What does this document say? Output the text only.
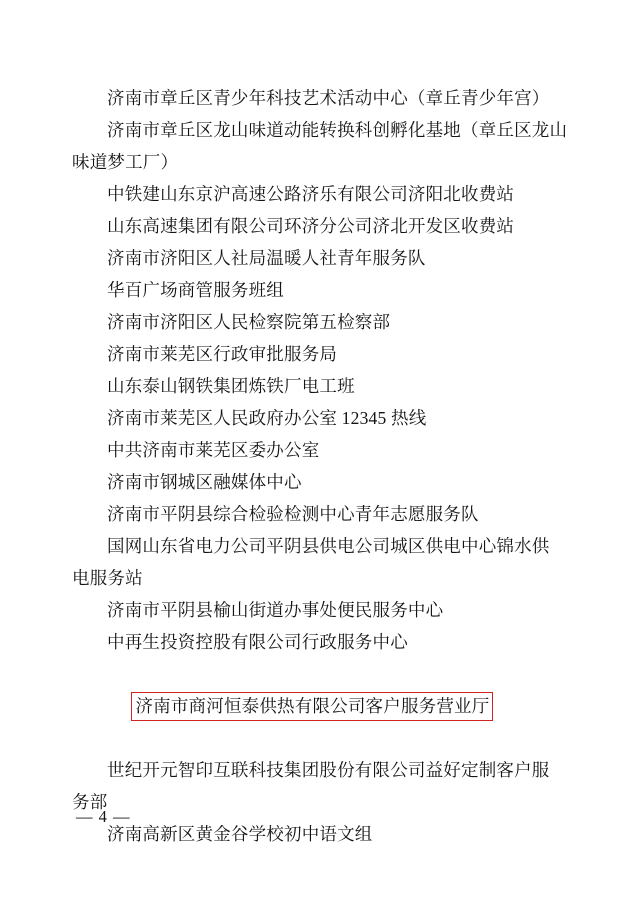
济南市章丘区青少年科技艺术活动中心（章丘青少年宫）
济南市章丘区龙山味道动能转换科创孵化基地（章丘区龙山
味道梦工厂）
中铁建山东京沪高速公路济乐有限公司济阳北收费站
山东高速集团有限公司环济分公司济北开发区收费站
济南市济阳区人社局温暖人社青年服务队
华百广场商管服务班组
济南市济阳区人民检察院第五检察部
济南市莱芜区行政审批服务局
山东泰山钢铁集团炼铁厂电工班
济南市莱芜区人民政府办公室 12345 热线
中共济南市莱芜区委办公室
济南市钢城区融媒体中心
济南市平阴县综合检验检测中心青年志愿服务队
国网山东省电力公司平阴县供电公司城区供电中心锦水供
电服务站
济南市平阴县榆山街道办事处便民服务中心
中再生投资控股有限公司行政服务中心

济南市商河恒泰供热有限公司客户服务营业厅

世纪开元智印互联科技集团股份有限公司益好定制客户服
务部
济南高新区黄金谷学校初中语文组
— 4 —
